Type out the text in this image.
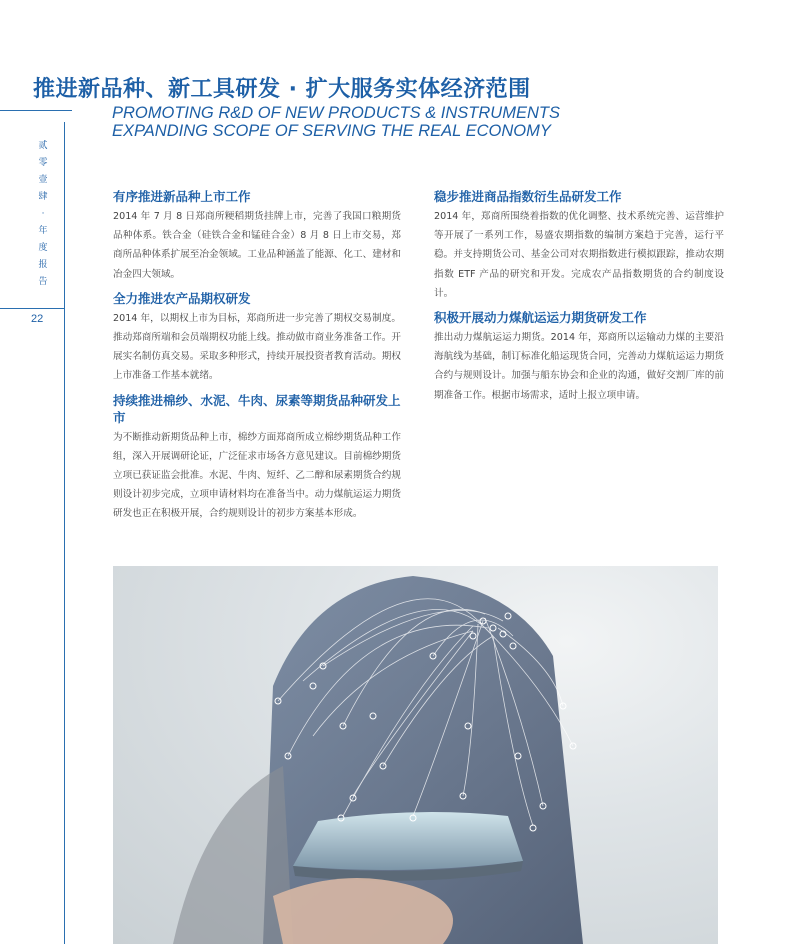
推进新品种、新工具研发 · 扩大服务实体经济范围
PROMOTING R&D OF NEW PRODUCTS & INSTRUMENTS
EXPANDING SCOPE OF SERVING THE REAL ECONOMY
贰
零
壹
肆
·
年
度
报
告
22
有序推进新品种上市工作

2014 年 7 月 8 日郑商所粳稻期货挂牌上市，完善了我国口粮期货品种体系。铁合金（硅铁合金和锰硅合金）8 月 8 日上市交易，郑商所品种体系扩展至冶金领域。工业品种涵盖了能源、化工、建材和冶金四大领域。

全力推进农产品期权研发

2014 年，以期权上市为目标，郑商所进一步完善了期权交易制度。推动郑商所端和会员端期权功能上线。推动做市商业务准备工作。开展实名制仿真交易。采取多种形式，持续开展投资者教育活动。期权上市准备工作基本就绪。

持续推进棉纱、水泥、牛肉、尿素等期货品种研发上市

为不断推动新期货品种上市，棉纱方面郑商所成立棉纱期货品种工作组，深入开展调研论证，广泛征求市场各方意见建议。目前棉纱期货立项已获证监会批准。水泥、牛肉、短纤、乙二醇和尿素期货合约规则设计初步完成，立项申请材料均在准备当中。动力煤航运运力期货研发也正在积极开展，合约规则设计的初步方案基本形成。

稳步推进商品指数衍生品研发工作

2014 年，郑商所围绕着指数的优化调整、技术系统完善、运营维护等开展了一系列工作，易盛农期指数的编制方案趋于完善，运行平稳。并支持期货公司、基金公司对农期指数进行模拟跟踪，推动农期指数 ETF 产品的研究和开发。完成农产品指数期货的合约制度设计。

积极开展动力煤航运运力期货研发工作

推出动力煤航运运力期货。2014 年，郑商所以运输动力煤的主要沿海航线为基础，制订标准化船运现货合同，完善动力煤航运运力期货合约与规则设计。加强与船东协会和企业的沟通，做好交割厂库的前期准备工作。根据市场需求，适时上报立项申请。
